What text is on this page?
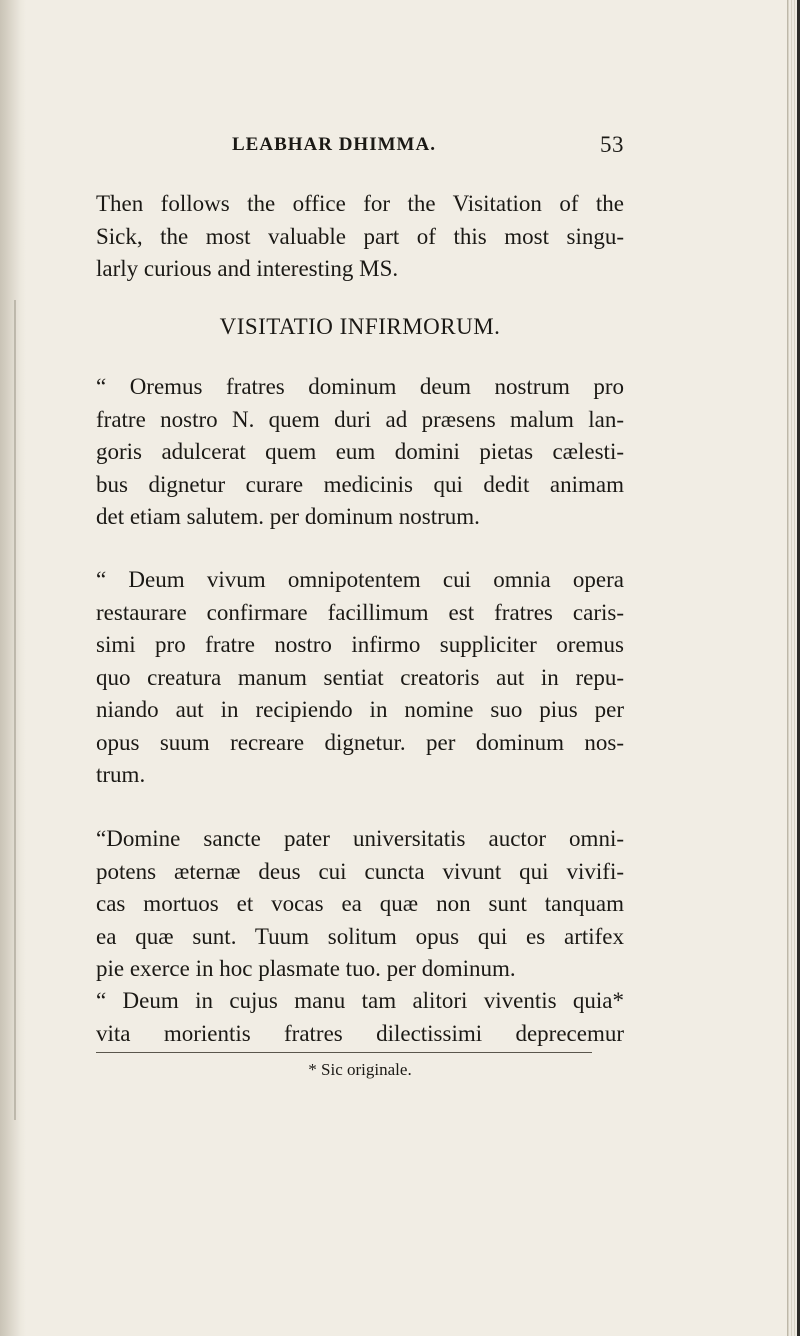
LEABHAR DHIMMA.	53
Then follows the office for the Visitation of the
Sick, the most valuable part of this most singu-
larly curious and interesting MS.
VISITATIO INFIRMORUM.
“ Oremus fratres dominum deum nostrum pro
fratre nostro N. quem duri ad præsens malum lan-
goris adulcerat quem eum domini pietas cælesti-
bus dignetur curare medicinis qui dedit animam
det etiam salutem. per dominum nostrum.
“ Deum vivum omnipotentem cui omnia opera
restaurare confirmare facillimum est fratres caris-
simi pro fratre nostro infirmo suppliciter oremus
quo creatura manum sentiat creatoris aut in repu-
niando aut in recipiendo in nomine suo pius per
opus suum recreare dignetur. per dominum nos-
trum.
“Domine sancte pater universitatis auctor omni-
potens æternæ deus cui cuncta vivunt qui vivifi-
cas mortuos et vocas ea quæ non sunt tanquam
ea quæ sunt. Tuum solitum opus qui es artifex
pie exerce in hoc plasmate tuo. per dominum.
“ Deum in cujus manu tam alitori viventis quia*
vita morientis fratres dilectissimi deprecemur
* Sic originale.
